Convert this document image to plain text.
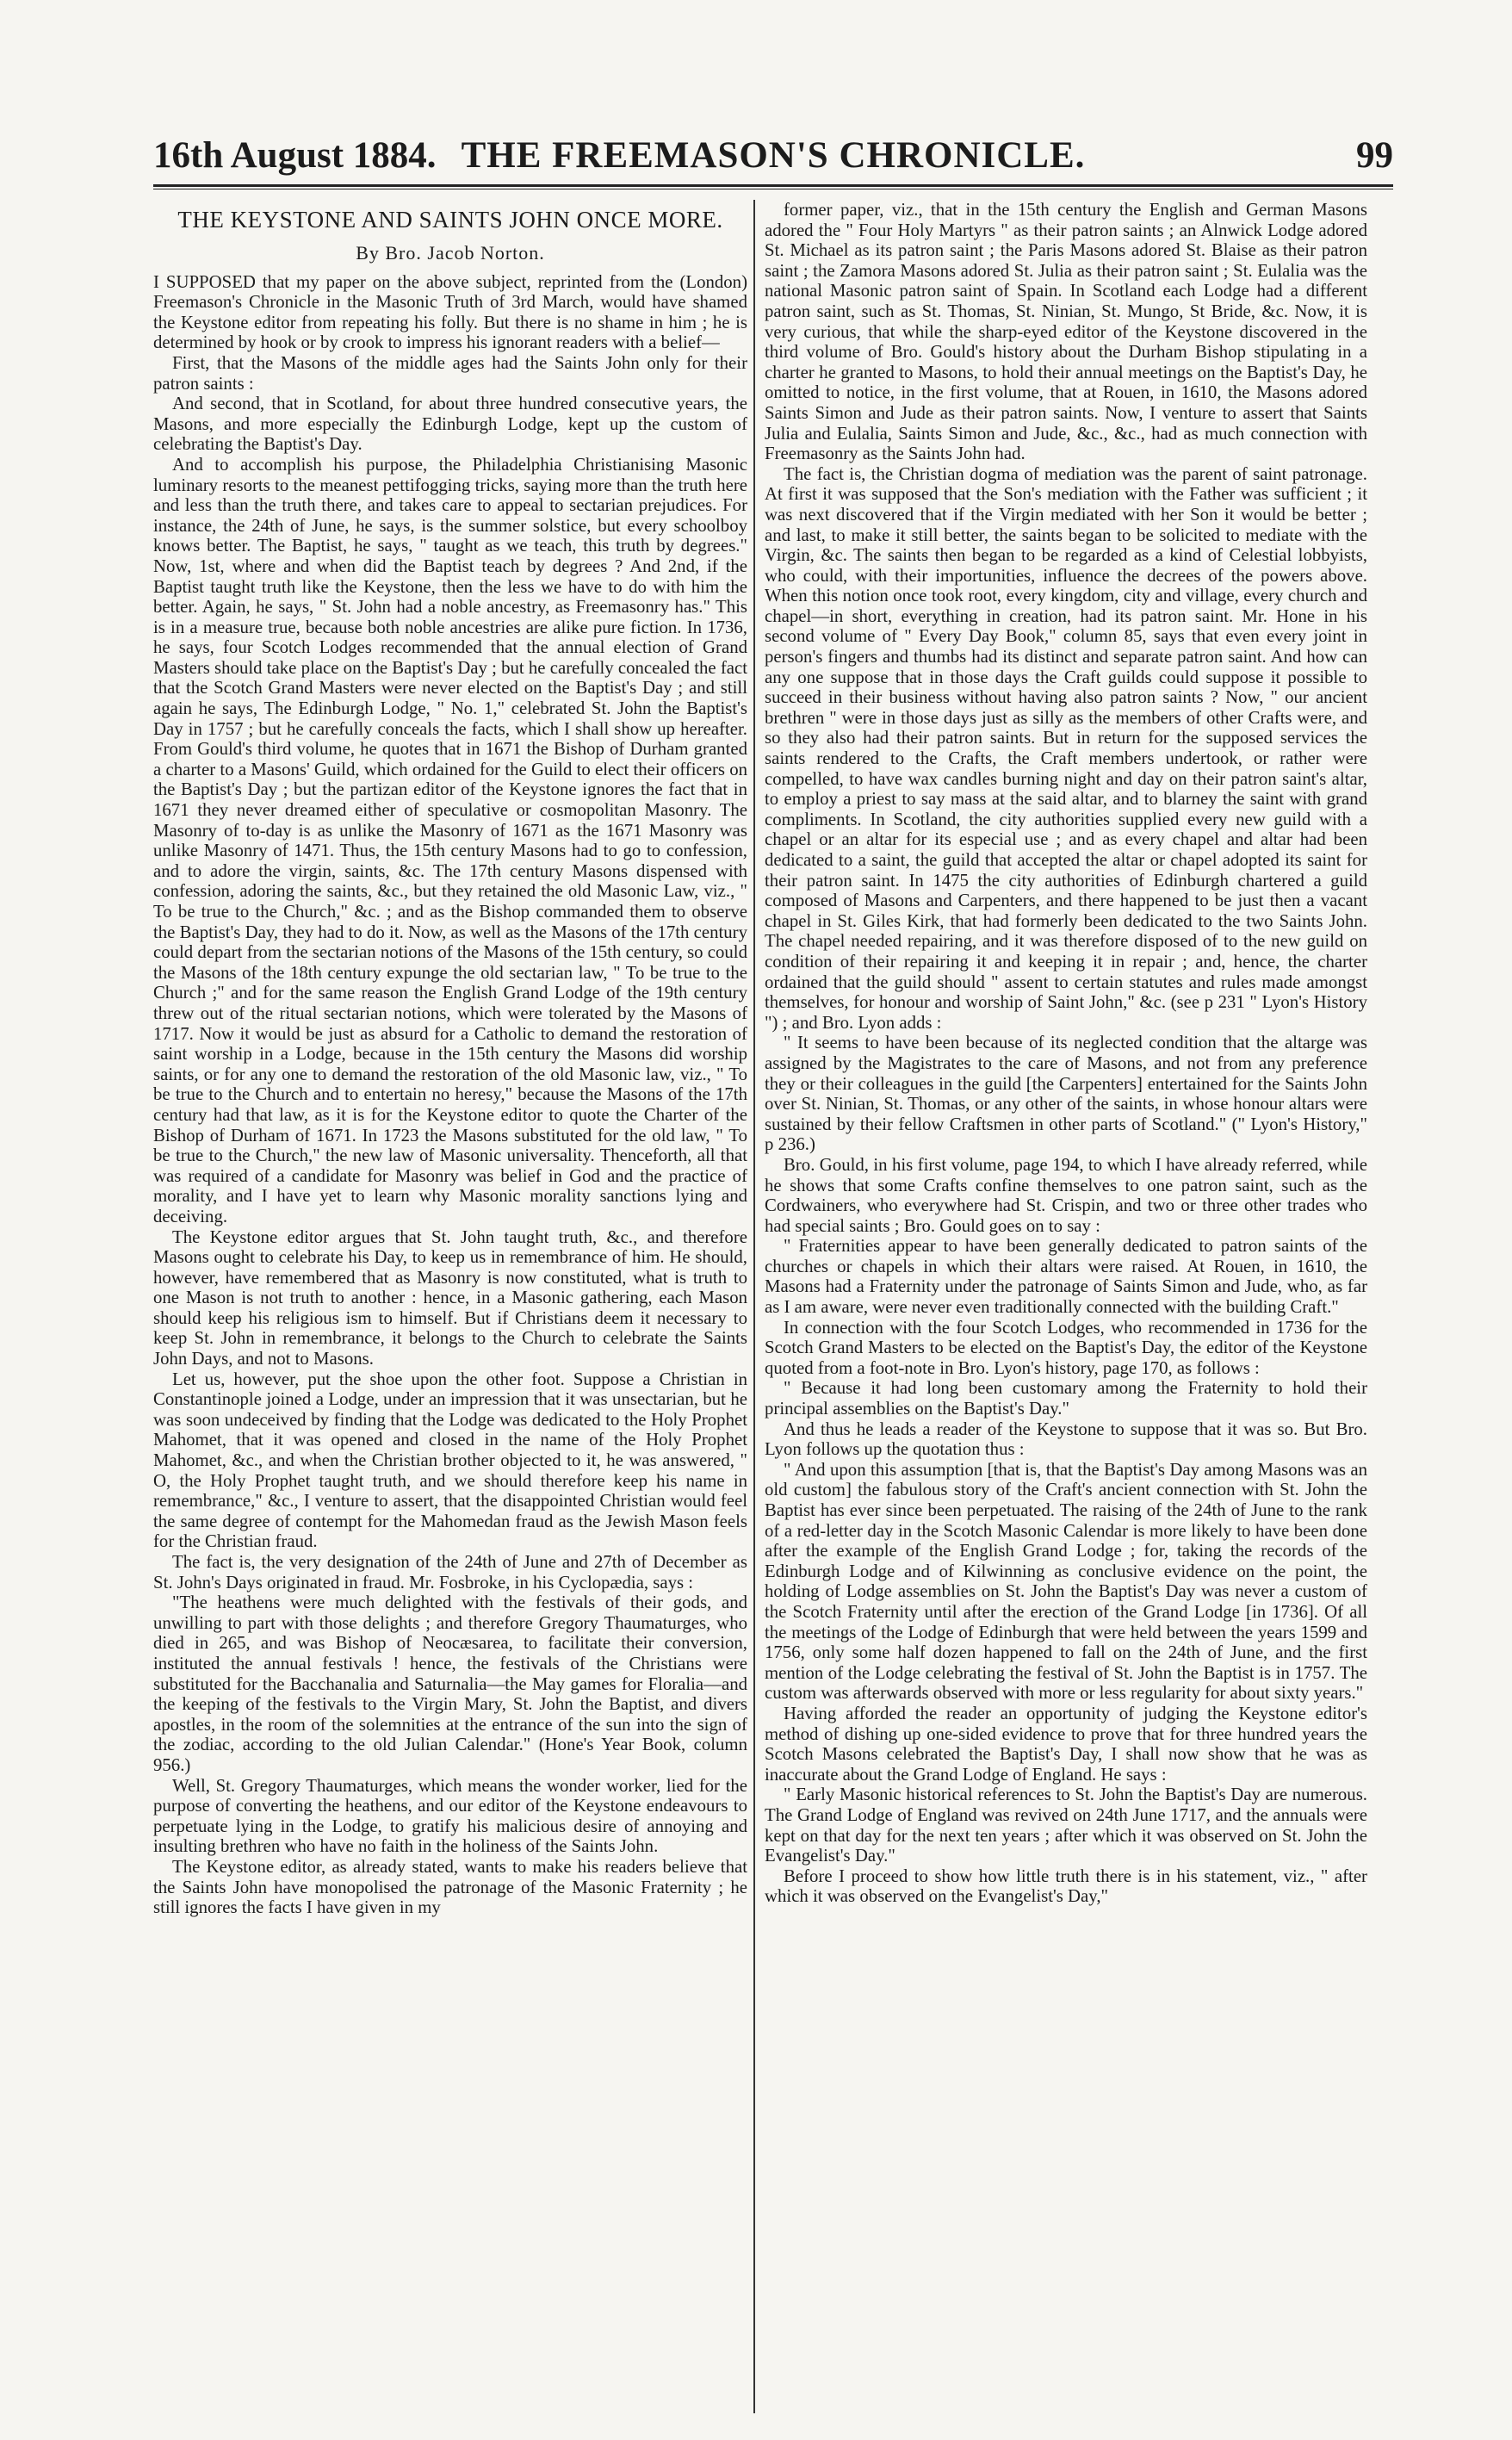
16th August 1884. THE FREEMASON'S CHRONICLE.	99
THE KEYSTONE AND SAINTS JOHN ONCE MORE.
By Bro. Jacob Norton.

I SUPPOSED that my paper on the above subject, reprinted from the (London) Freemason's Chronicle in the Masonic Truth of 3rd March, would have shamed the Keystone editor from repeating his folly. But there is no shame in him ; he is determined by hook or by crook to impress his ignorant readers with a belief—

First, that the Masons of the middle ages had the Saints John only for their patron saints :

And second, that in Scotland, for about three hundred consecutive years, the Masons, and more especially the Edinburgh Lodge, kept up the custom of celebrating the Baptist's Day.

And to accomplish his purpose, the Philadelphia Christianising Masonic luminary resorts to the meanest pettifogging tricks, saying more than the truth here and less than the truth there, and takes care to appeal to sectarian prejudices. For instance, the 24th of June, he says, is the summer solstice, but every schoolboy knows better. The Baptist, he says, " taught as we teach, this truth by degrees." Now, 1st, where and when did the Baptist teach by degrees ? And 2nd, if the Baptist taught truth like the Keystone, then the less we have to do with him the better. Again, he says, " St. John had a noble ancestry, as Freemasonry has." This is in a measure true, because both noble ancestries are alike pure fiction. In 1736, he says, four Scotch Lodges recommended that the annual election of Grand Masters should take place on the Baptist's Day ; but he carefully concealed the fact that the Scotch Grand Masters were never elected on the Baptist's Day ; and still again he says, The Edinburgh Lodge, " No. 1," celebrated St. John the Baptist's Day in 1757 ; but he carefully conceals the facts, which I shall show up hereafter. From Gould's third volume, he quotes that in 1671 the Bishop of Durham granted a charter to a Masons' Guild, which ordained for the Guild to elect their officers on the Baptist's Day ; but the partizan editor of the Keystone ignores the fact that in 1671 they never dreamed either of speculative or cosmopolitan Masonry. The Masonry of to-day is as unlike the Masonry of 1671 as the 1671 Masonry was unlike Masonry of 1471. Thus, the 15th century Masons had to go to confession, and to adore the virgin, saints, &c. The 17th century Masons dispensed with confession, adoring the saints, &c., but they retained the old Masonic Law, viz., " To be true to the Church," &c. ; and as the Bishop commanded them to observe the Baptist's Day, they had to do it. Now, as well as the Masons of the 17th century could depart from the sectarian notions of the Masons of the 15th century, so could the Masons of the 18th century expunge the old sectarian law, " To be true to the Church ;" and for the same reason the English Grand Lodge of the 19th century threw out of the ritual sectarian notions, which were tolerated by the Masons of 1717. Now it would be just as absurd for a Catholic to demand the restoration of saint worship in a Lodge, because in the 15th century the Masons did worship saints, or for any one to demand the restoration of the old Masonic law, viz., " To be true to the Church and to entertain no heresy," because the Masons of the 17th century had that law, as it is for the Keystone editor to quote the Charter of the Bishop of Durham of 1671. In 1723 the Masons substituted for the old law, " To be true to the Church," the new law of Masonic universality. Thenceforth, all that was required of a candidate for Masonry was belief in God and the practice of morality, and I have yet to learn why Masonic morality sanctions lying and deceiving.

The Keystone editor argues that St. John taught truth, &c., and therefore Masons ought to celebrate his Day, to keep us in remembrance of him. He should, however, have remembered that as Masonry is now constituted, what is truth to one Mason is not truth to another : hence, in a Masonic gathering, each Mason should keep his religious ism to himself. But if Christians deem it necessary to keep St. John in remembrance, it belongs to the Church to celebrate the Saints John Days, and not to Masons.

Let us, however, put the shoe upon the other foot. Suppose a Christian in Constantinople joined a Lodge, under an impression that it was unsectarian, but he was soon undeceived by finding that the Lodge was dedicated to the Holy Prophet Mahomet, that it was opened and closed in the name of the Holy Prophet Mahomet, &c., and when the Christian brother objected to it, he was answered, " O, the Holy Prophet taught truth, and we should therefore keep his name in remembrance," &c., I venture to assert, that the disappointed Christian would feel the same degree of contempt for the Mahomedan fraud as the Jewish Mason feels for the Christian fraud.

The fact is, the very designation of the 24th of June and 27th of December as St. John's Days originated in fraud. Mr. Fosbroke, in his Cyclopædia, says :

"The heathens were much delighted with the festivals of their gods, and unwilling to part with those delights ; and therefore Gregory Thaumaturges, who died in 265, and was Bishop of Neocæsarea, to facilitate their conversion, instituted the annual festivals ! hence, the festivals of the Christians were substituted for the Bacchanalia and Saturnalia—the May games for Floralia—and the keeping of the festivals to the Virgin Mary, St. John the Baptist, and divers apostles, in the room of the solemnities at the entrance of the sun into the sign of the zodiac, according to the old Julian Calendar." (Hone's Year Book, column 956.)

Well, St. Gregory Thaumaturges, which means the wonder worker, lied for the purpose of converting the heathens, and our editor of the Keystone endeavours to perpetuate lying in the Lodge, to gratify his malicious desire of annoying and insulting brethren who have no faith in the holiness of the Saints John.

The Keystone editor, as already stated, wants to make his readers believe that the Saints John have monopolised the patronage of the Masonic Fraternity ; he still ignores the facts I have given in my

former paper, viz., that in the 15th century the English and German Masons adored the " Four Holy Martyrs " as their patron saints ; an Alnwick Lodge adored St. Michael as its patron saint ; the Paris Masons adored St. Blaise as their patron saint ; the Zamora Masons adored St. Julia as their patron saint ; St. Eulalia was the national Masonic patron saint of Spain. In Scotland each Lodge had a different patron saint, such as St. Thomas, St. Ninian, St. Mungo, St Bride, &c. Now, it is very curious, that while the sharp-eyed editor of the Keystone discovered in the third volume of Bro. Gould's history about the Durham Bishop stipulating in a charter he granted to Masons, to hold their annual meetings on the Baptist's Day, he omitted to notice, in the first volume, that at Rouen, in 1610, the Masons adored Saints Simon and Jude as their patron saints. Now, I venture to assert that Saints Julia and Eulalia, Saints Simon and Jude, &c., &c., had as much connection with Freemasonry as the Saints John had.

The fact is, the Christian dogma of mediation was the parent of saint patronage. At first it was supposed that the Son's mediation with the Father was sufficient ; it was next discovered that if the Virgin mediated with her Son it would be better ; and last, to make it still better, the saints began to be solicited to mediate with the Virgin, &c. The saints then began to be regarded as a kind of Celestial lobbyists, who could, with their importunities, influence the decrees of the powers above. When this notion once took root, every kingdom, city and village, every church and chapel—in short, everything in creation, had its patron saint. Mr. Hone in his second volume of " Every Day Book," column 85, says that even every joint in person's fingers and thumbs had its distinct and separate patron saint. And how can any one suppose that in those days the Craft guilds could suppose it possible to succeed in their business without having also patron saints ? Now, " our ancient brethren " were in those days just as silly as the members of other Crafts were, and so they also had their patron saints. But in return for the supposed services the saints rendered to the Crafts, the Craft members undertook, or rather were compelled, to have wax candles burning night and day on their patron saint's altar, to employ a priest to say mass at the said altar, and to blarney the saint with grand compliments. In Scotland, the city authorities supplied every new guild with a chapel or an altar for its especial use ; and as every chapel and altar had been dedicated to a saint, the guild that accepted the altar or chapel adopted its saint for their patron saint. In 1475 the city authorities of Edinburgh chartered a guild composed of Masons and Carpenters, and there happened to be just then a vacant chapel in St. Giles Kirk, that had formerly been dedicated to the two Saints John. The chapel needed repairing, and it was therefore disposed of to the new guild on condition of their repairing it and keeping it in repair ; and, hence, the charter ordained that the guild should " assent to certain statutes and rules made amongst themselves, for honour and worship of Saint John," &c. (see p 231 " Lyon's History ") ; and Bro. Lyon adds :

" It seems to have been because of its neglected condition that the altarge was assigned by the Magistrates to the care of Masons, and not from any preference they or their colleagues in the guild [the Carpenters] entertained for the Saints John over St. Ninian, St. Thomas, or any other of the saints, in whose honour altars were sustained by their fellow Craftsmen in other parts of Scotland." (" Lyon's History," p 236.)

Bro. Gould, in his first volume, page 194, to which I have already referred, while he shows that some Crafts confine themselves to one patron saint, such as the Cordwainers, who everywhere had St. Crispin, and two or three other trades who had special saints ; Bro. Gould goes on to say :

" Fraternities appear to have been generally dedicated to patron saints of the churches or chapels in which their altars were raised. At Rouen, in 1610, the Masons had a Fraternity under the patronage of Saints Simon and Jude, who, as far as I am aware, were never even traditionally connected with the building Craft."

In connection with the four Scotch Lodges, who recommended in 1736 for the Scotch Grand Masters to be elected on the Baptist's Day, the editor of the Keystone quoted from a foot-note in Bro. Lyon's history, page 170, as follows :

" Because it had long been customary among the Fraternity to hold their principal assemblies on the Baptist's Day."

And thus he leads a reader of the Keystone to suppose that it was so. But Bro. Lyon follows up the quotation thus :

" And upon this assumption [that is, that the Baptist's Day among Masons was an old custom] the fabulous story of the Craft's ancient connection with St. John the Baptist has ever since been perpetuated. The raising of the 24th of June to the rank of a red-letter day in the Scotch Masonic Calendar is more likely to have been done after the example of the English Grand Lodge ; for, taking the records of the Edinburgh Lodge and of Kilwinning as conclusive evidence on the point, the holding of Lodge assemblies on St. John the Baptist's Day was never a custom of the Scotch Fraternity until after the erection of the Grand Lodge [in 1736]. Of all the meetings of the Lodge of Edinburgh that were held between the years 1599 and 1756, only some half dozen happened to fall on the 24th of June, and the first mention of the Lodge celebrating the festival of St. John the Baptist is in 1757. The custom was afterwards observed with more or less regularity for about sixty years."

Having afforded the reader an opportunity of judging the Keystone editor's method of dishing up one-sided evidence to prove that for three hundred years the Scotch Masons celebrated the Baptist's Day, I shall now show that he was as inaccurate about the Grand Lodge of England. He says :

" Early Masonic historical references to St. John the Baptist's Day are numerous. The Grand Lodge of England was revived on 24th June 1717, and the annuals were kept on that day for the next ten years ; after which it was observed on St. John the Evangelist's Day."

Before I proceed to show how little truth there is in his statement, viz., " after which it was observed on the Evangelist's Day,"
